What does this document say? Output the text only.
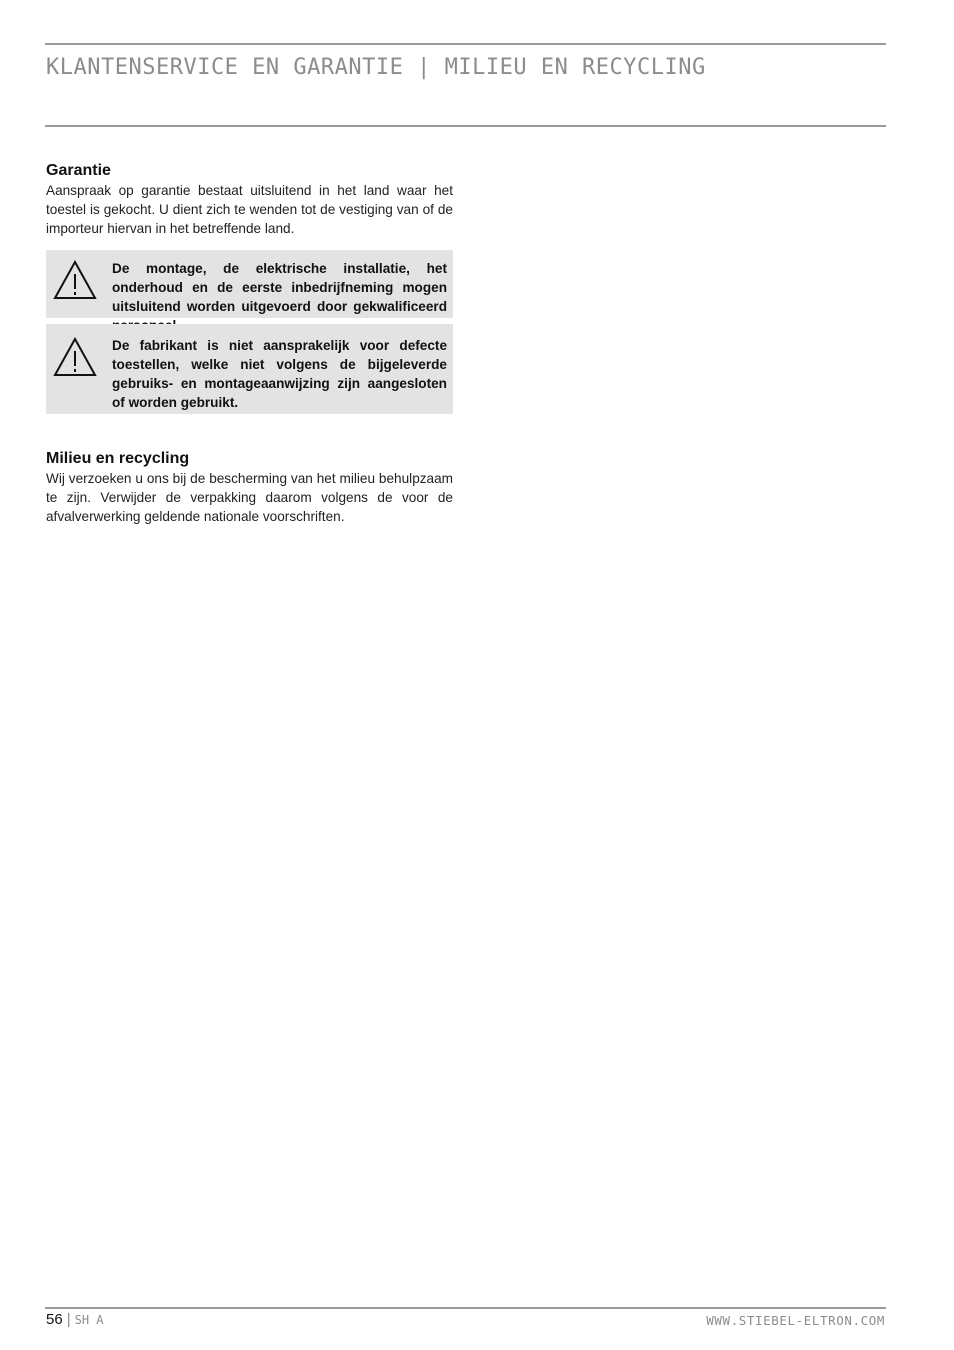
KLANTENSERVICE EN GARANTIE | MILIEU EN RECYCLING
Garantie

Aanspraak op garantie bestaat uitsluitend in het land waar het toestel is gekocht. U dient zich te wenden tot de vestiging van of de importeur hiervan in het betreffende land.

De montage, de elektrische installatie, het onderhoud en de eerste inbedrijfneming mogen uitsluitend worden uitgevoerd door gekwalificeerd

De fabrikant is niet aansprakelijk voor defecte toestellen, welke niet volgens de bijgeleverde gebruiks- en montageaanwijzing zijn aangesloten of worden gebruikt.

Milieu en recycling

Wij verzoeken u ons bij de bescherming van het milieu behulpzaam te zijn. Verwijder de verpakking daarom volgens de voor de afvalverwerking geldende nationale voorschriften.

56 | SH A	WWW.STIEBEL-ELTRON.COM
